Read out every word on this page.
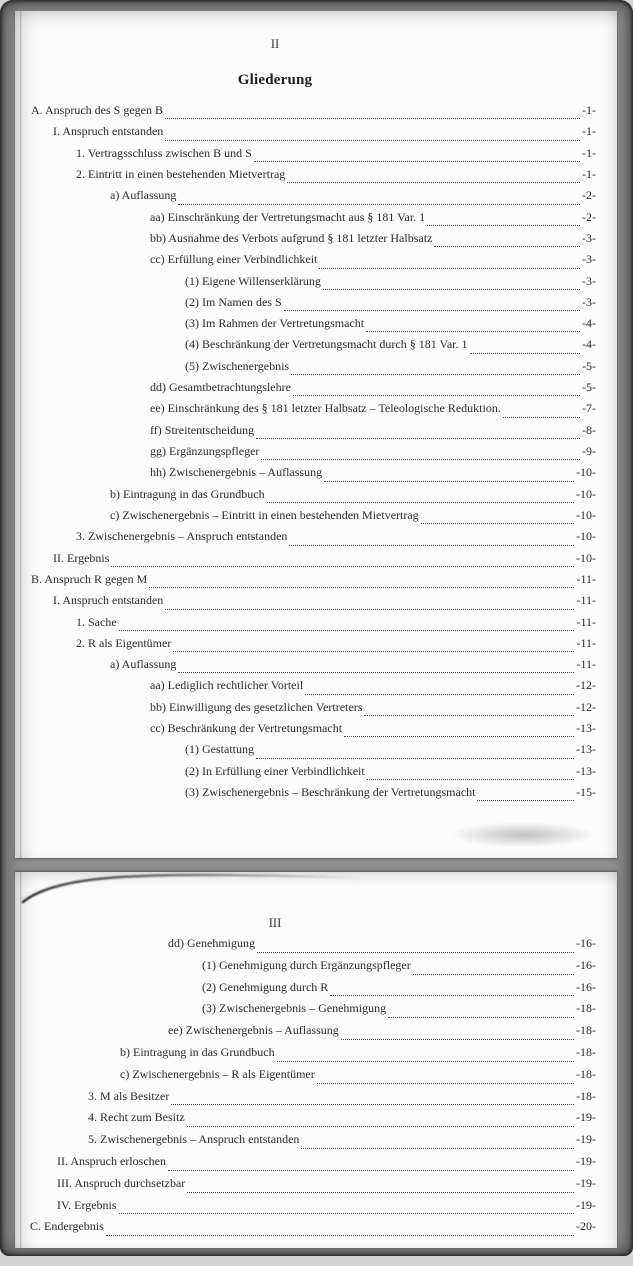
II
Gliederung
A. Anspruch des S gegen B	-1-
I. Anspruch entstanden	-1-
1. Vertragsschluss zwischen B und S	-1-
2. Eintritt in einen bestehenden Mietvertrag	-1-
a) Auflassung	-2-
aa) Einschränkung der Vertretungsmacht aus § 181 Var. 1	-2-
bb) Ausnahme des Verbots aufgrund § 181 letzter Halbsatz	-3-
cc) Erfüllung einer Verbindlichkeit	-3-
(1) Eigene Willenserklärung	-3-
(2) Im Namen des S	-3-
(3) Im Rahmen der Vertretungsmacht	-4-
(4) Beschränkung der Vertretungsmacht durch § 181 Var. 1	-4-
(5) Zwischenergebnis	-5-
dd) Gesamtbetrachtungslehre	-5-
ee) Einschränkung des § 181 letzter Halbsatz – Teleologische Reduktion.	-7-
ff) Streitentscheidung	-8-
gg) Ergänzungspfleger	-9-
hh) Zwischenergebnis – Auflassung	-10-
b) Eintragung in das Grundbuch	-10-
c) Zwischenergebnis – Eintritt in einen bestehenden Mietvertrag	-10-
3. Zwischenergebnis – Anspruch entstanden	-10-
II. Ergebnis	-10-
B. Anspruch R gegen M	-11-
I. Anspruch entstanden	-11-
1. Sache	-11-
2. R als Eigentümer	-11-
a) Auflassung	-11-
aa) Lediglich rechtlicher Vorteil	-12-
bb) Einwilligung des gesetzlichen Vertreters	-12-
cc) Beschränkung der Vertretungsmacht	-13-
(1) Gestattung	-13-
(2) In Erfüllung einer Verbindlichkeit	-13-
(3) Zwischenergebnis – Beschränkung der Vertretungsmacht	-15-
III
dd) Genehmigung	-16-
(1) Genehmigung durch Ergänzungspfleger	-16-
(2) Genehmigung durch R	-16-
(3) Zwischenergebnis – Genehmigung	-18-
ee) Zwischenergebnis – Auflassung	-18-
b) Eintragung in das Grundbuch	-18-
c) Zwischenergebnis – R als Eigentümer	-18-
3. M als Besitzer	-18-
4. Recht zum Besitz	-19-
5. Zwischenergebnis – Anspruch entstanden	-19-
II. Anspruch erloschen	-19-
III. Anspruch durchsetzbar	-19-
IV. Ergebnis	-19-
C. Endergebnis	-20-
